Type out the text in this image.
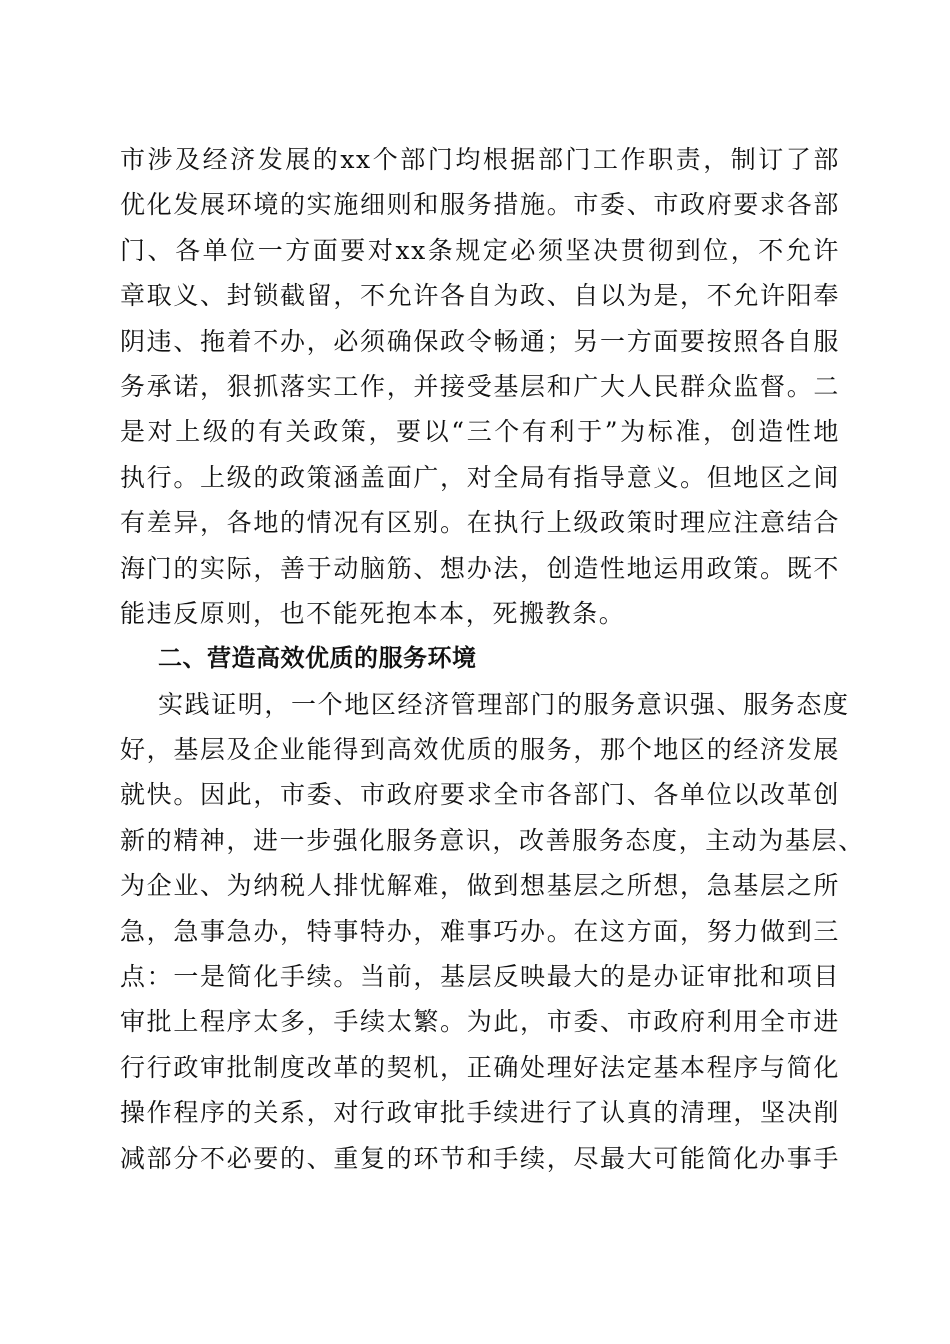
市涉及经济发展的xx个部门均根据部门工作职责，制订了部
优化发展环境的实施细则和服务措施。市委、市政府要求各部
门、各单位一方面要对xx条规定必须坚决贯彻到位，不允许
章取义、封锁截留，不允许各自为政、自以为是，不允许阳奉
阴违、拖着不办，必须确保政令畅通；另一方面要按照各自服
务承诺，狠抓落实工作，并接受基层和广大人民群众监督。二
是对上级的有关政策，要以“三个有利于”为标准，创造性地
执行。上级的政策涵盖面广，对全局有指导意义。但地区之间
有差异，各地的情况有区别。在执行上级政策时理应注意结合
海门的实际，善于动脑筋、想办法，创造性地运用政策。既不
能违反原则，也不能死抱本本，死搬教条。
二、营造高效优质的服务环境
实践证明，一个地区经济管理部门的服务意识强、服务态度
好，基层及企业能得到高效优质的服务，那个地区的经济发展
就快。因此，市委、市政府要求全市各部门、各单位以改革创
新的精神，进一步强化服务意识，改善服务态度，主动为基层、
为企业、为纳税人排忧解难，做到想基层之所想，急基层之所
急，急事急办，特事特办，难事巧办。在这方面，努力做到三
点：一是简化手续。当前，基层反映最大的是办证审批和项目
审批上程序太多，手续太繁。为此，市委、市政府利用全市进
行行政审批制度改革的契机，正确处理好法定基本程序与简化
操作程序的关系，对行政审批手续进行了认真的清理，坚决削
减部分不必要的、重复的环节和手续，尽最大可能简化办事手
